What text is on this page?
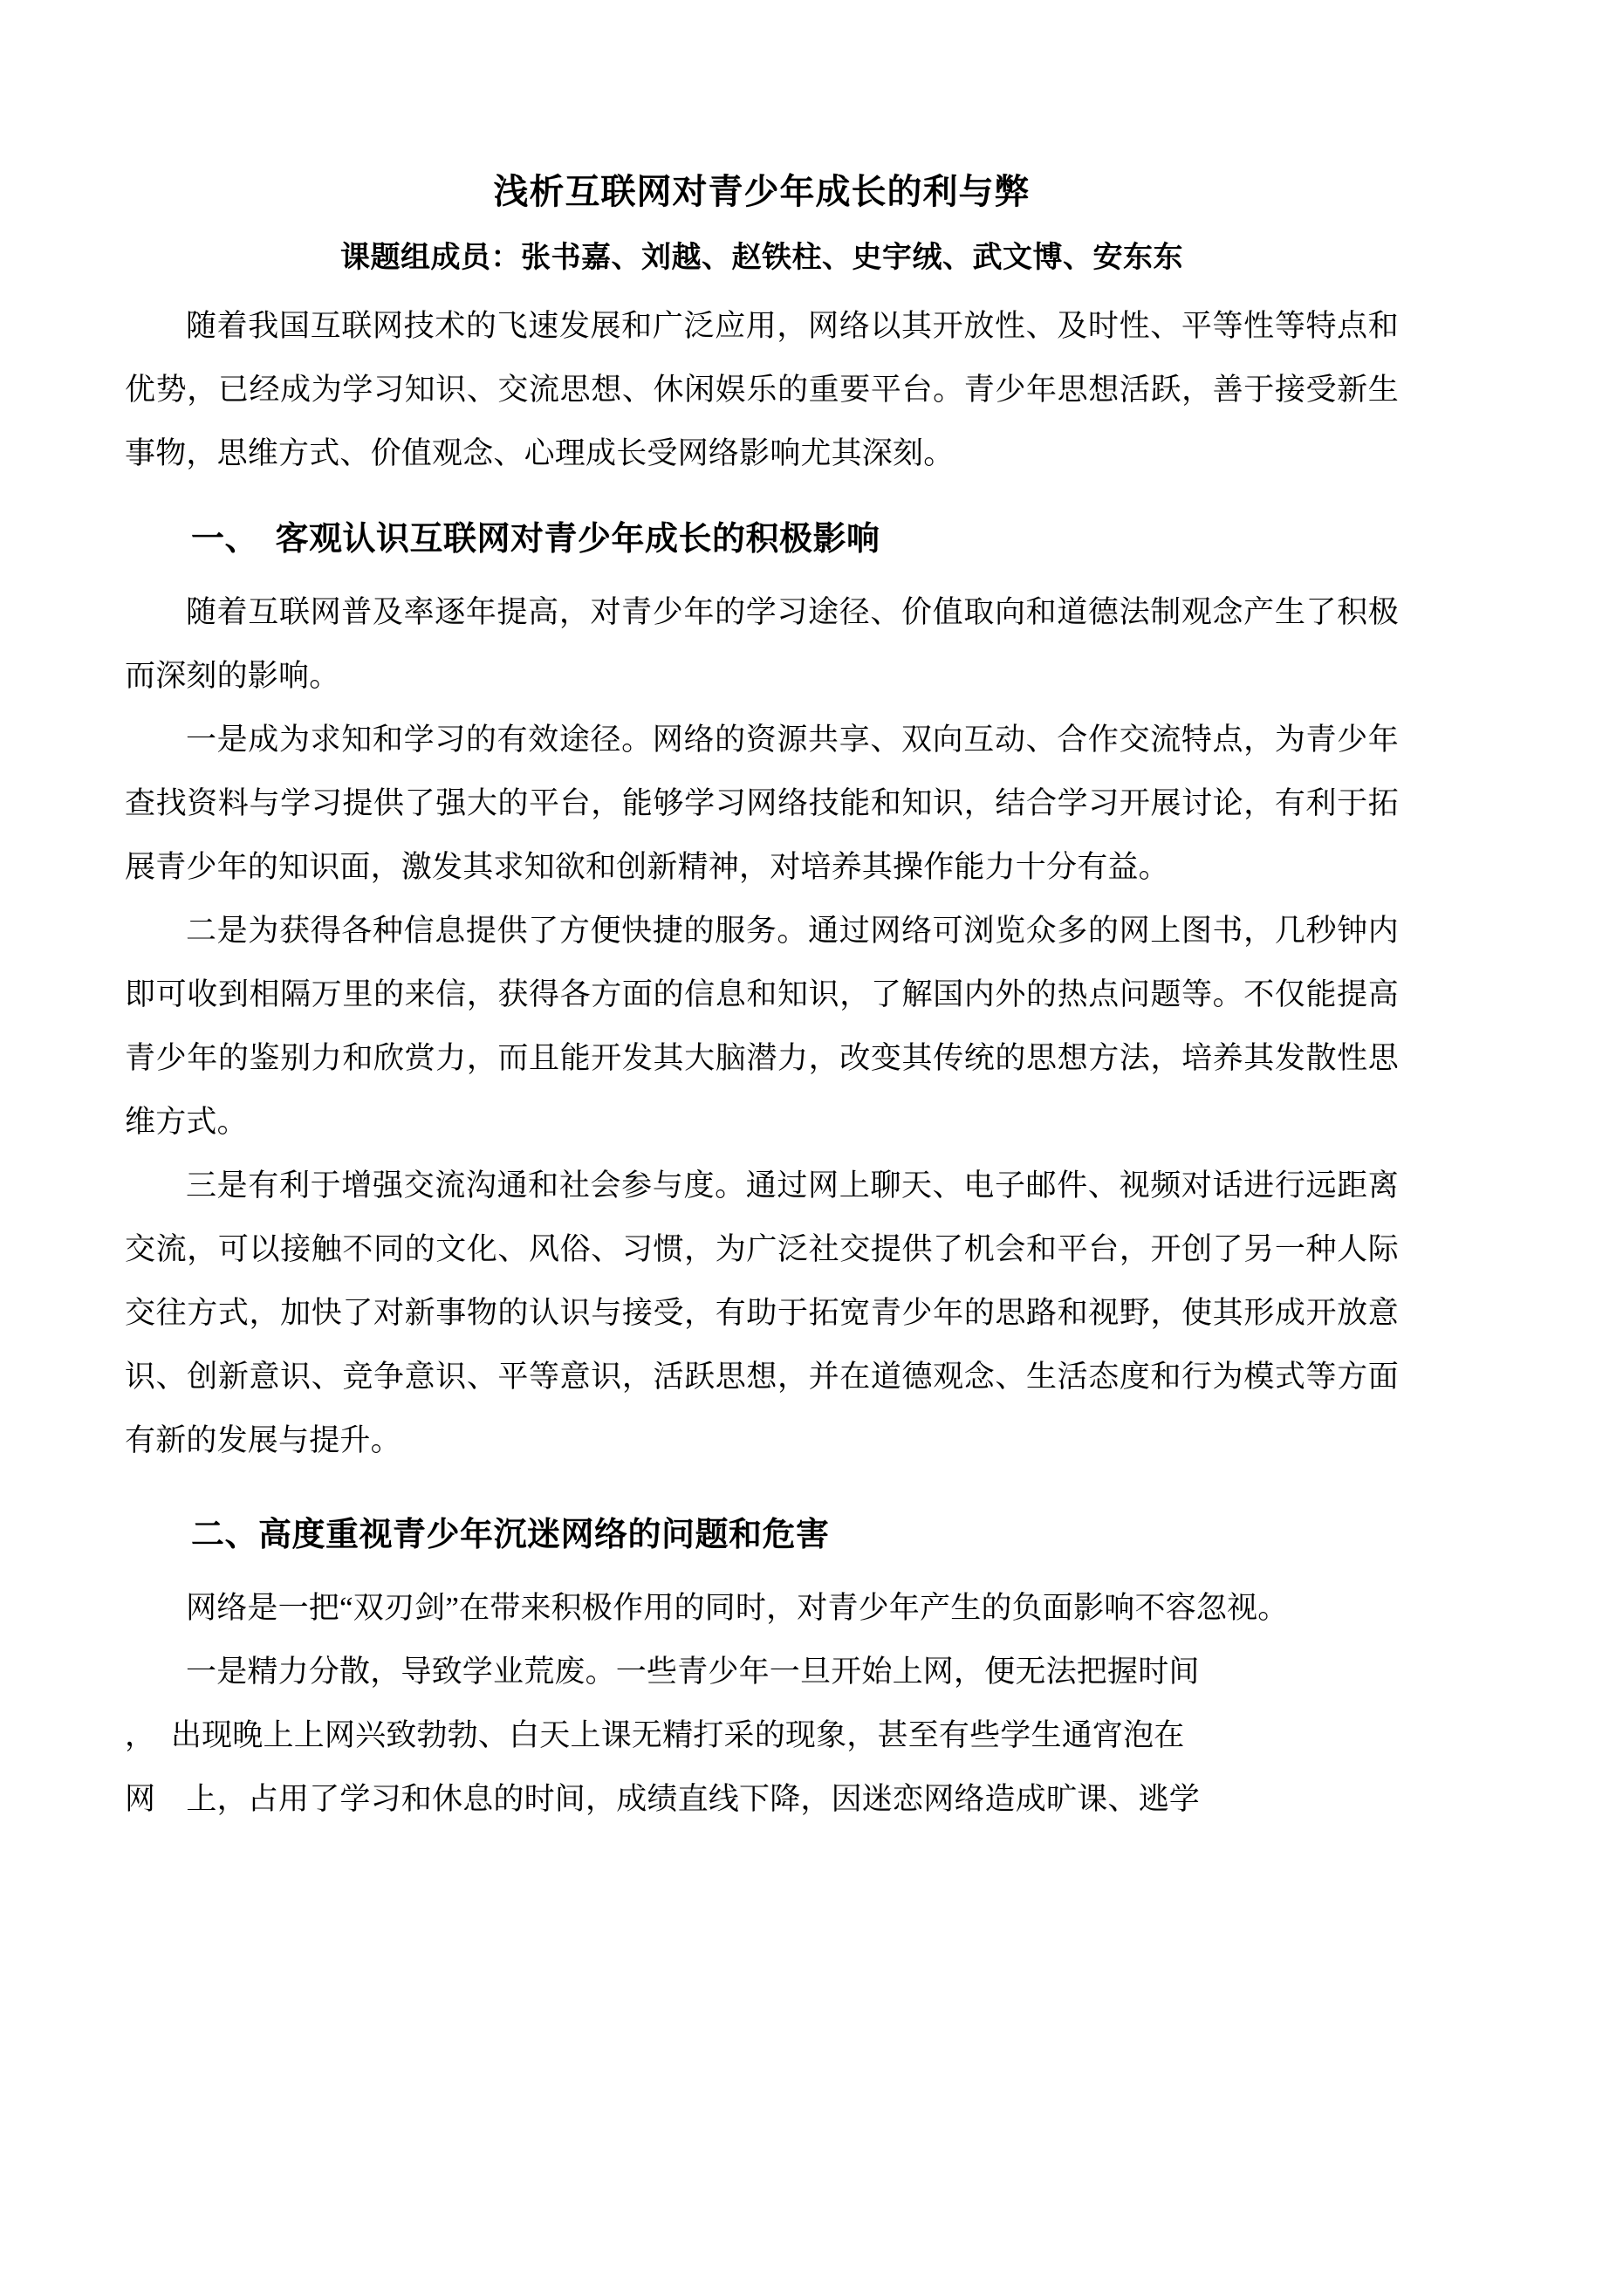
浅析互联网对青少年成长的利与弊
课题组成员：张书嘉、刘越、赵铁柱、史宇绒、武文博、安东东

随着我国互联网技术的飞速发展和广泛应用，网络以其开放性、及时性、平等性等特点和优势，已经成为学习知识、交流思想、休闲娱乐的重要平台。青少年思想活跃，善于接受新生事物，思维方式、价值观念、心理成长受网络影响尤其深刻。

一、　客观认识互联网对青少年成长的积极影响

随着互联网普及率逐年提高，对青少年的学习途径、价值取向和道德法制观念产生了积极而深刻的影响。

一是成为求知和学习的有效途径。网络的资源共享、双向互动、合作交流特点，为青少年查找资料与学习提供了强大的平台，能够学习网络技能和知识，结合学习开展讨论，有利于拓展青少年的知识面，激发其求知欲和创新精神，对培养其操作能力十分有益。

二是为获得各种信息提供了方便快捷的服务。通过网络可浏览众多的网上图书，几秒钟内即可收到相隔万里的来信，获得各方面的信息和知识，了解国内外的热点问题等。不仅能提高青少年的鉴别力和欣赏力，而且能开发其大脑潜力，改变其传统的思想方法，培养其发散性思维方式。

三是有利于增强交流沟通和社会参与度。通过网上聊天、电子邮件、视频对话进行远距离交流，可以接触不同的文化、风俗、习惯，为广泛社交提供了机会和平台，开创了另一种人际交往方式，加快了对新事物的认识与接受，有助于拓宽青少年的思路和视野，使其形成开放意识、创新意识、竞争意识、平等意识，活跃思想，并在道德观念、生活态度和行为模式等方面有新的发展与提升。

二、高度重视青少年沉迷网络的问题和危害

网络是一把“双刃剑”在带来积极作用的同时，对青少年产生的负面影响不容忽视。

一是精力分散，导致学业荒废。一些青少年一旦开始上网，便无法把握时间

，　出现晚上上网兴致勃勃、白天上课无精打采的现象，甚至有些学生通宵泡在

网　上，占用了学习和休息的时间，成绩直线下降，因迷恋网络造成旷课、逃学
